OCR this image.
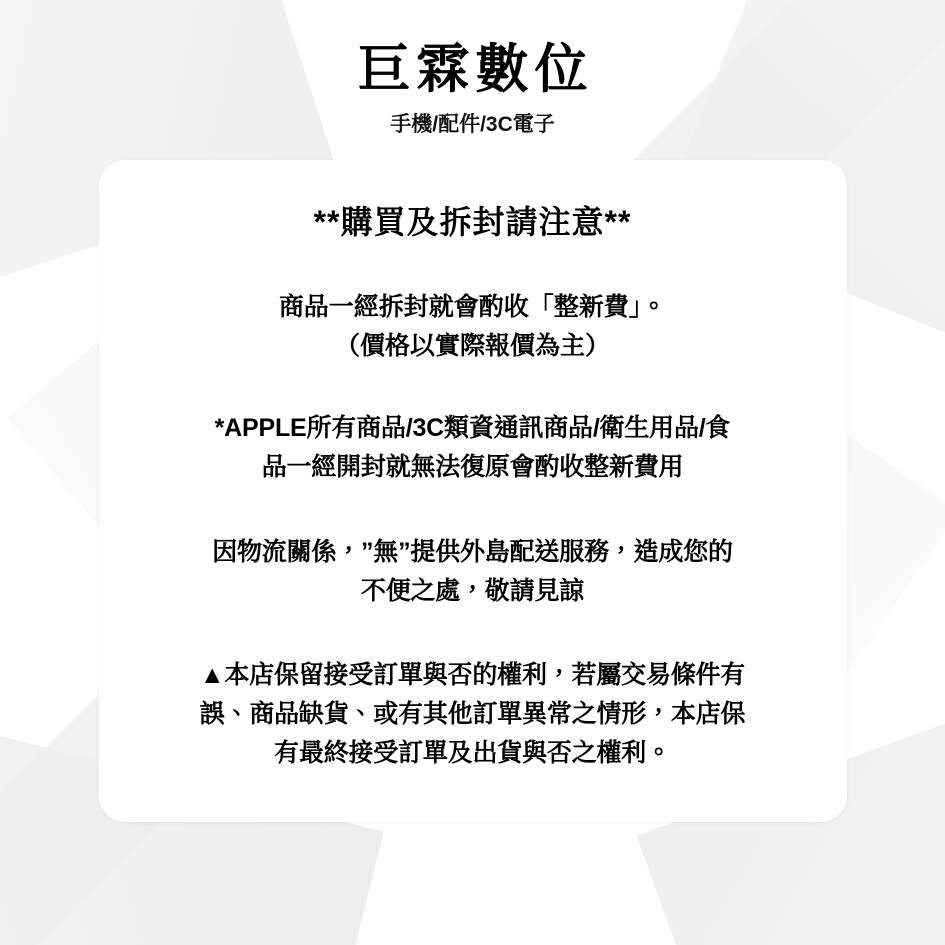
巨霖數位
手機/配件/3C電子
**購買及拆封請注意**
商品一經拆封就會酌收「整新費」。
（價格以實際報價為主）
*APPLE所有商品/3C類資通訊商品/衛生用品/食
品一經開封就無法復原會酌收整新費用
因物流關係，”無”提供外島配送服務，造成您的
不便之處，敬請見諒
▲本店保留接受訂單與否的權利，若屬交易條件有
誤、商品缺貨、或有其他訂單異常之情形，本店保
有最終接受訂單及出貨與否之權利。
